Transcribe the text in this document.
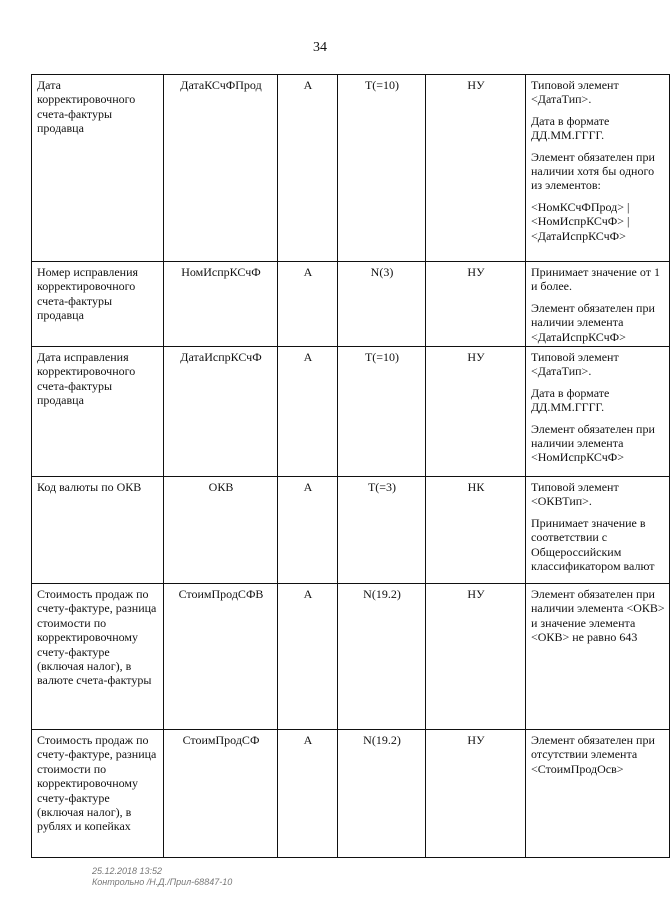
34
Дата корректировочного счета-фактуры продавца	ДатаКСчФПрод	А	T(=10)	НУ	Типовой элемент <ДатаТип>.

Дата в формате ДД.ММ.ГГГГ.

Элемент обязателен при наличии хотя бы одного из элементов:

<НомКСчФПрод> | <НомИспрКСчФ> | <ДатаИспрКСчФ>

Номер исправления корректировочного счета-фактуры продавца	НомИспрКСчФ	А	N(3)	НУ	Принимает значение от 1 и более.

Элемент обязателен при наличии элемента <ДатаИспрКСчФ>

Дата исправления корректировочного счета-фактуры продавца	ДатаИспрКСчФ	А	T(=10)	НУ	Типовой элемент <ДатаТип>.

Дата в формате ДД.ММ.ГГГГ.

Элемент обязателен при наличии элемента <НомИспрКСчФ>

Код валюты по ОКВ	ОКВ	А	T(=3)	НК	Типовой элемент <ОКВТип>.

Принимает значение в соответствии с Общероссийским классификатором валют

Стоимость продаж по счету-фактуре, разница стоимости по корректировочному счету-фактуре (включая налог), в валюте счета-фактуры	СтоимПродСФВ	А	N(19.2)	НУ	Элемент обязателен при наличии элемента <ОКВ> и значение элемента <ОКВ> не равно 643

Стоимость продаж по счету-фактуре, разница стоимости по корректировочному счету-фактуре (включая налог), в рублях и копейках	СтоимПродСФ	А	N(19.2)	НУ	Элемент обязателен при отсутствии элемента <СтоимПродОсв>

25.12.2018 13:52
Контрольно /Н.Д./Прил-68847-10
